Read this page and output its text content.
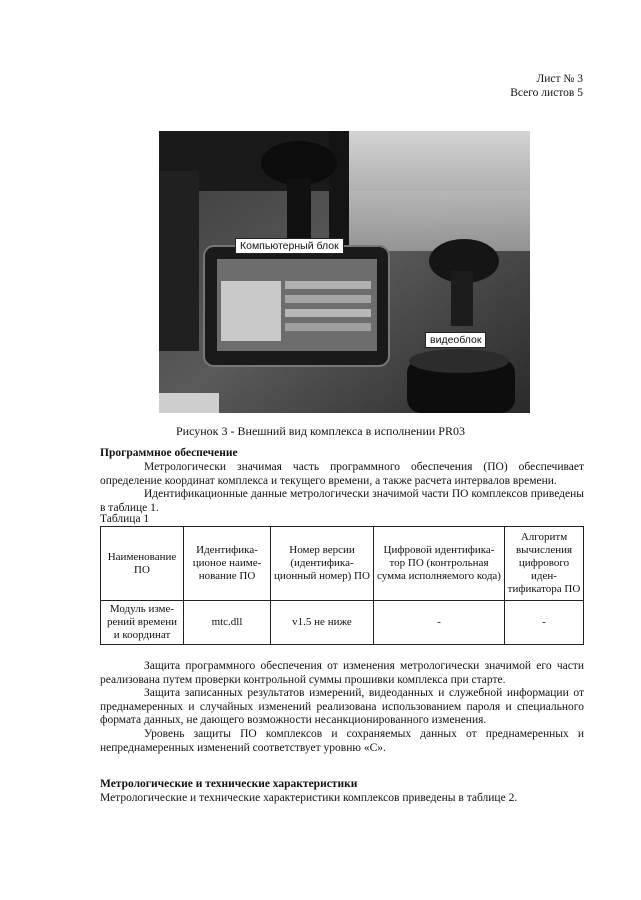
Лист № 3
Всего листов 5
Компьютерный блок
видеоблок
Рисунок 3 - Внешний вид комплекса в исполнении PR03
Программное обеспечение
Метрологически значимая часть программного обеспечения (ПО) обеспечивает определение координат комплекса и текущего времени, а также расчета интервалов времени.
Идентификационные данные метрологически значимой части ПО комплексов приведены в таблице 1.
Таблица 1
Наименование ПО	Идентифика-ционое наиме-нование ПО	Номер версии (идентифика-ционный номер) ПО	Цифровой идентифика-тор ПО (контрольная сумма исполняемого кода)	Алгоритм вычисления цифрового иден-тификатора ПО
Модуль изме-рений времени и координат	mtc.dll	v1.5 не ниже	-	-
Защита программного обеспечения от изменения метрологически значимой его части реализована путем проверки контрольной суммы прошивки комплекса при старте.
Защита записанных результатов измерений, видеоданных и служебной информации от преднамеренных и случайных изменений реализована использованием пароля и специального формата данных, не дающего возможности несанкционированного изменения.
Уровень защиты ПО комплексов и сохраняемых данных от преднамеренных и непреднамеренных изменений соответствует уровню «С».
Метрологические и технические характеристики
Метрологические и технические характеристики комплексов приведены в таблице 2.
